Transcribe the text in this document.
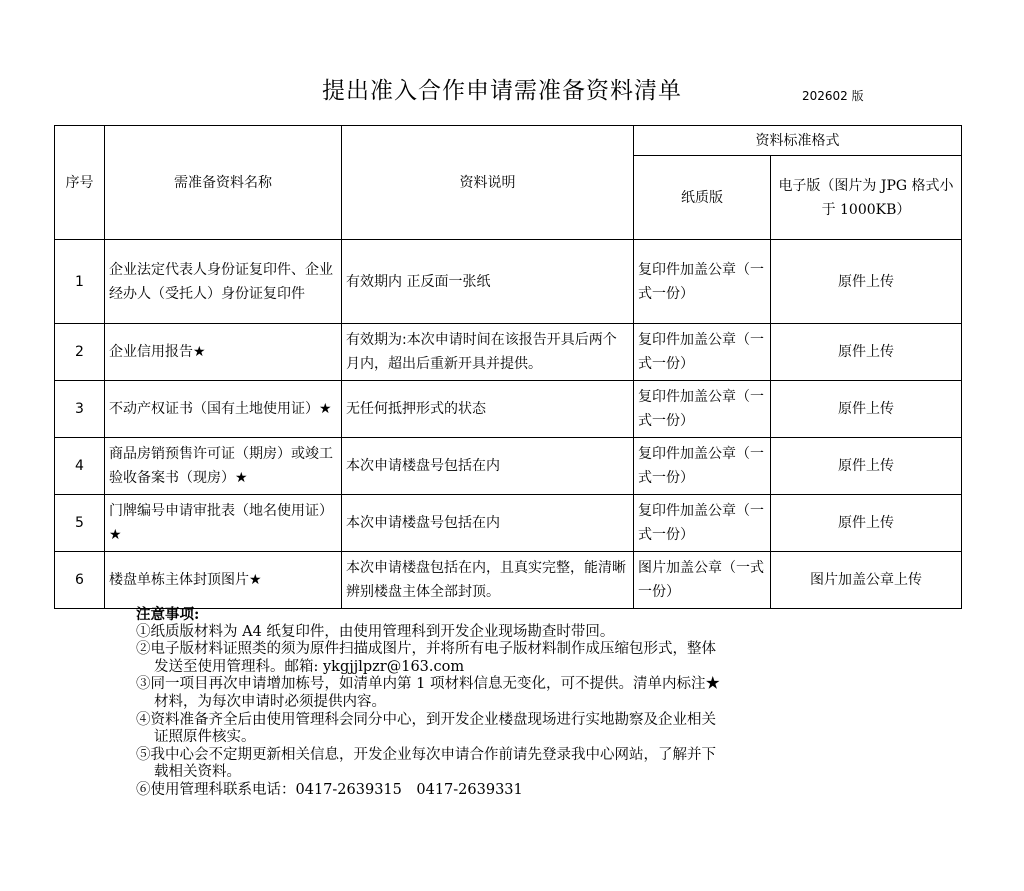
提出准入合作申请需准备资料清单	202602 版
序号	需准备资料名称	资料说明	资料标准格式	
			纸质版	电子版（图片为 JPG 格式小于 1000KB）
1	企业法定代表人身份证复印件、企业经办人（受托人）身份证复印件	有效期内 正反面一张纸	复印件加盖公章（一式一份）	原件上传
2	企业信用报告★	有效期为:本次申请时间在该报告开具后两个月内，超出后重新开具并提供。	复印件加盖公章（一式一份）	原件上传
3	不动产权证书（国有土地使用证）★	无任何抵押形式的状态	复印件加盖公章（一式一份）	原件上传
4	商品房销预售许可证（期房）或竣工验收备案书（现房）★	本次申请楼盘号包括在内	复印件加盖公章（一式一份）	原件上传
5	门牌编号申请审批表（地名使用证）★	本次申请楼盘号包括在内	复印件加盖公章（一式一份）	原件上传
6	楼盘单栋主体封顶图片★	本次申请楼盘包括在内，且真实完整，能清晰辨别楼盘主体全部封顶。	图片加盖公章（一式一份）	图片加盖公章上传
注意事项:
①纸质版材料为 A4 纸复印件，由使用管理科到开发企业现场勘查时带回。
②电子版材料证照类的须为原件扫描成图片，并将所有电子版材料制作成压缩包形式，整体
发送至使用管理科。邮箱: ykgjjlpzr@163.com
③同一项目再次申请增加栋号，如清单内第 1 项材料信息无变化，可不提供。清单内标注★
材料，为每次申请时必须提供内容。
④资料准备齐全后由使用管理科会同分中心，到开发企业楼盘现场进行实地勘察及企业相关
证照原件核实。
⑤我中心会不定期更新相关信息，开发企业每次申请合作前请先登录我中心网站，了解并下
载相关资料。
⑥使用管理科联系电话：0417-2639315　0417-2639331
